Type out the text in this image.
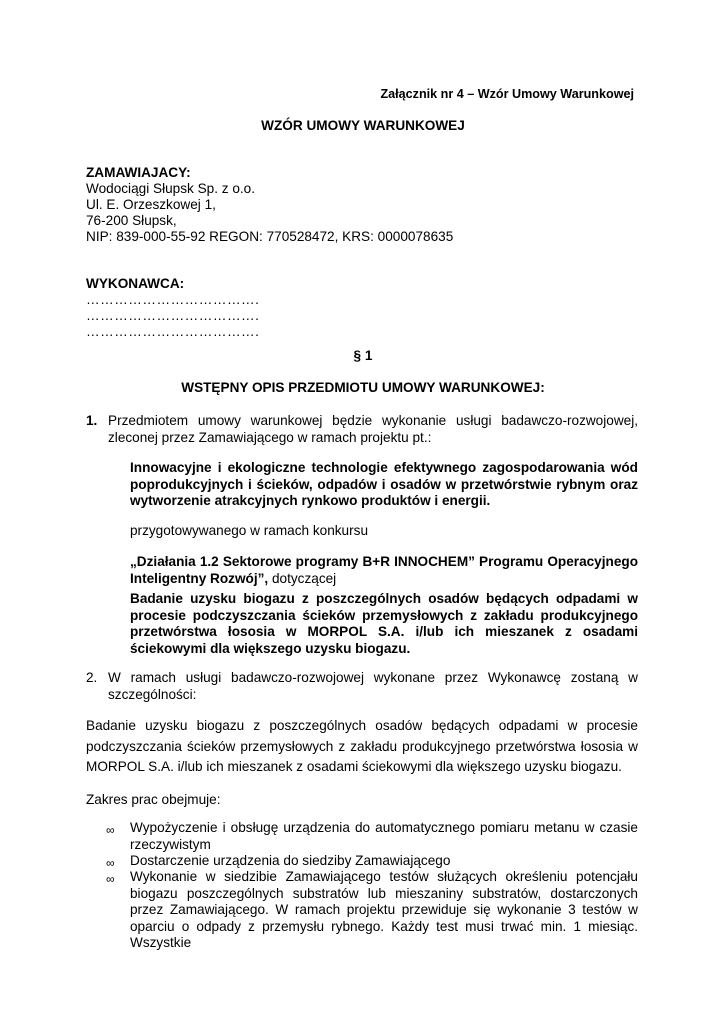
Załącznik nr 4 – Wzór Umowy Warunkowej
WZÓR UMOWY WARUNKOWEJ
ZAMAWIAJACY:
Wodociągi Słupsk Sp. z o.o.
Ul. E. Orzeszkowej 1,
76-200 Słupsk,
NIP: 839-000-55-92 REGON: 770528472, KRS: 0000078635
WYKONAWCA:
……………………………….
……………………………….
……………………………….
§ 1
WSTĘPNY OPIS PRZEDMIOTU UMOWY WARUNKOWEJ:
1. Przedmiotem umowy warunkowej będzie wykonanie usługi badawczo-rozwojowej, zleconej przez Zamawiającego w ramach projektu pt.:
Innowacyjne i ekologiczne technologie efektywnego zagospodarowania wód poprodukcyjnych i ścieków, odpadów i osadów w przetwórstwie rybnym oraz wytworzenie atrakcyjnych rynkowo produktów i energii.
przygotowywanego w ramach konkursu
„Działania 1.2 Sektorowe programy B+R INNOCHEM” Programu Operacyjnego Inteligentny Rozwój”, dotyczącej
Badanie uzysku biogazu z poszczególnych osadów będących odpadami w procesie podczyszczania ścieków przemysłowych z zakładu produkcyjnego przetwórstwa łososia w MORPOL S.A. i/lub ich mieszanek z osadami ściekowymi dla większego uzysku biogazu.
2. W ramach usługi badawczo-rozwojowej wykonane przez Wykonawcę zostaną w szczególności:
Badanie uzysku biogazu z poszczególnych osadów będących odpadami w procesie podczyszczania ścieków przemysłowych z zakładu produkcyjnego przetwórstwa łososia w MORPOL S.A. i/lub ich mieszanek z osadami ściekowymi dla większego uzysku biogazu.
Zakres prac obejmuje:
∞	Wypożyczenie i obsługę urządzenia do automatycznego pomiaru metanu w czasie rzeczywistym
∞	Dostarczenie urządzenia do siedziby Zamawiającego
∞	Wykonanie w siedzibie Zamawiającego testów służących określeniu potencjału biogazu poszczególnych substratów lub mieszaniny substratów, dostarczonych przez Zamawiającego. W ramach projektu przewiduje się wykonanie 3 testów w oparciu o odpady z przemysłu rybnego. Każdy test musi trwać min. 1 miesiąc. Wszystkie
